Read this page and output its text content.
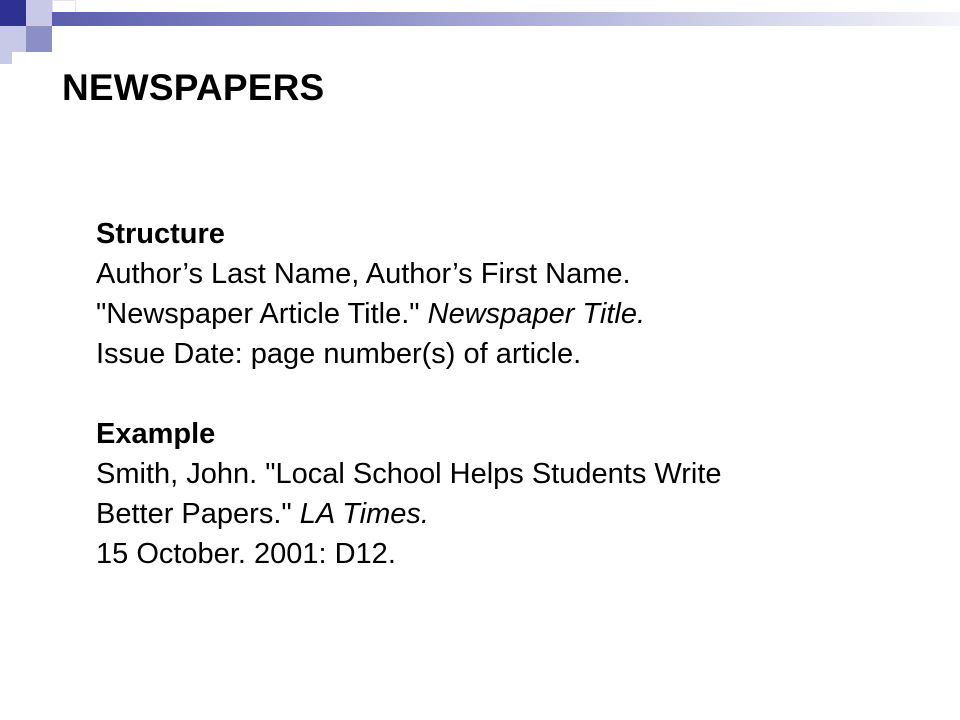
NEWSPAPERS
Structure
Author’s Last Name, Author’s First Name.
"Newspaper Article Title." Newspaper Title.
Issue Date: page number(s) of article.
Example
Smith, John. "Local School Helps Students Write
Better Papers." LA Times.
15 October. 2001: D12.
